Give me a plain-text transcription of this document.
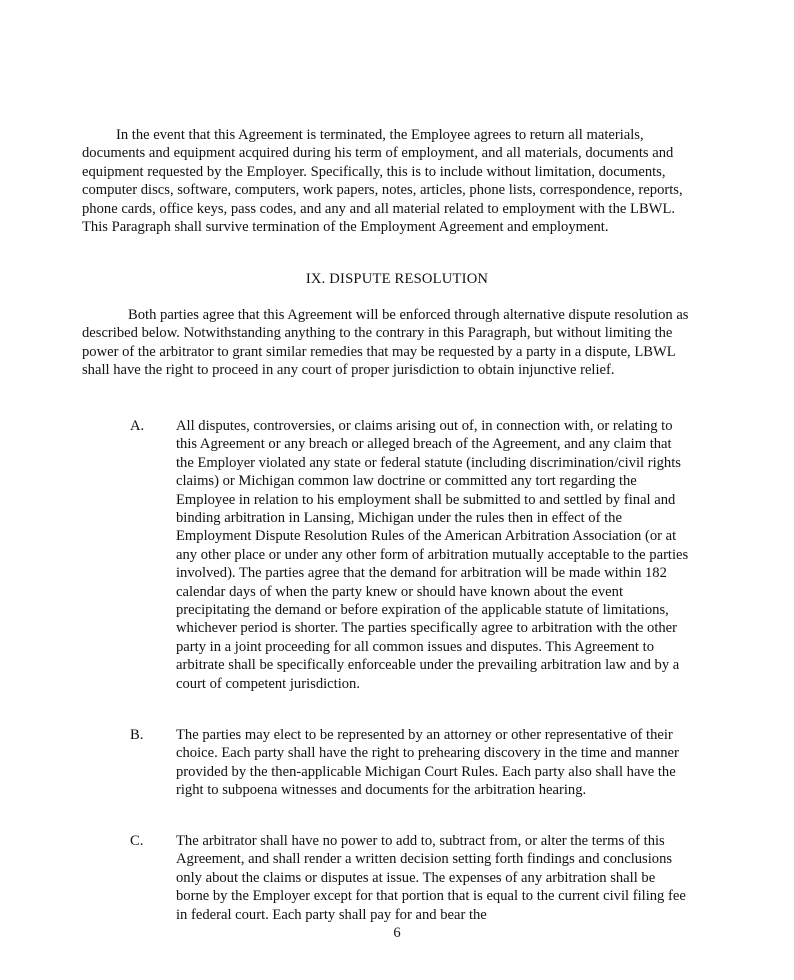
In the event that this Agreement is terminated, the Employee agrees to return all materials, documents and equipment acquired during his term of employment, and all materials, documents and equipment requested by the Employer. Specifically, this is to include without limitation, documents, computer discs, software, computers, work papers, notes, articles, phone lists, correspondence, reports, phone cards, office keys, pass codes, and any and all material related to employment with the LBWL. This Paragraph shall survive termination of the Employment Agreement and employment.

IX. DISPUTE RESOLUTION

Both parties agree that this Agreement will be enforced through alternative dispute resolution as described below. Notwithstanding anything to the contrary in this Paragraph, but without limiting the power of the arbitrator to grant similar remedies that may be requested by a party in a dispute, LBWL shall have the right to proceed in any court of proper jurisdiction to obtain injunctive relief.

A.	All disputes, controversies, or claims arising out of, in connection with, or relating to this Agreement or any breach or alleged breach of the Agreement, and any claim that the Employer violated any state or federal statute (including discrimination/civil rights claims) or Michigan common law doctrine or committed any tort regarding the Employee in relation to his employment shall be submitted to and settled by final and binding arbitration in Lansing, Michigan under the rules then in effect of the Employment Dispute Resolution Rules of the American Arbitration Association (or at any other place or under any other form of arbitration mutually acceptable to the parties involved). The parties agree that the demand for arbitration will be made within 182 calendar days of when the party knew or should have known about the event precipitating the demand or before expiration of the applicable statute of limitations, whichever period is shorter. The parties specifically agree to arbitration with the other party in a joint proceeding for all common issues and disputes. This Agreement to arbitrate shall be specifically enforceable under the prevailing arbitration law and by a court of competent jurisdiction.

B.	The parties may elect to be represented by an attorney or other representative of their choice. Each party shall have the right to prehearing discovery in the time and manner provided by the then-applicable Michigan Court Rules. Each party also shall have the right to subpoena witnesses and documents for the arbitration hearing.

C.	The arbitrator shall have no power to add to, subtract from, or alter the terms of this Agreement, and shall render a written decision setting forth findings and conclusions only about the claims or disputes at issue. The expenses of any arbitration shall be borne by the Employer except for that portion that is equal to the current civil filing fee in federal court. Each party shall pay for and bear the

6
